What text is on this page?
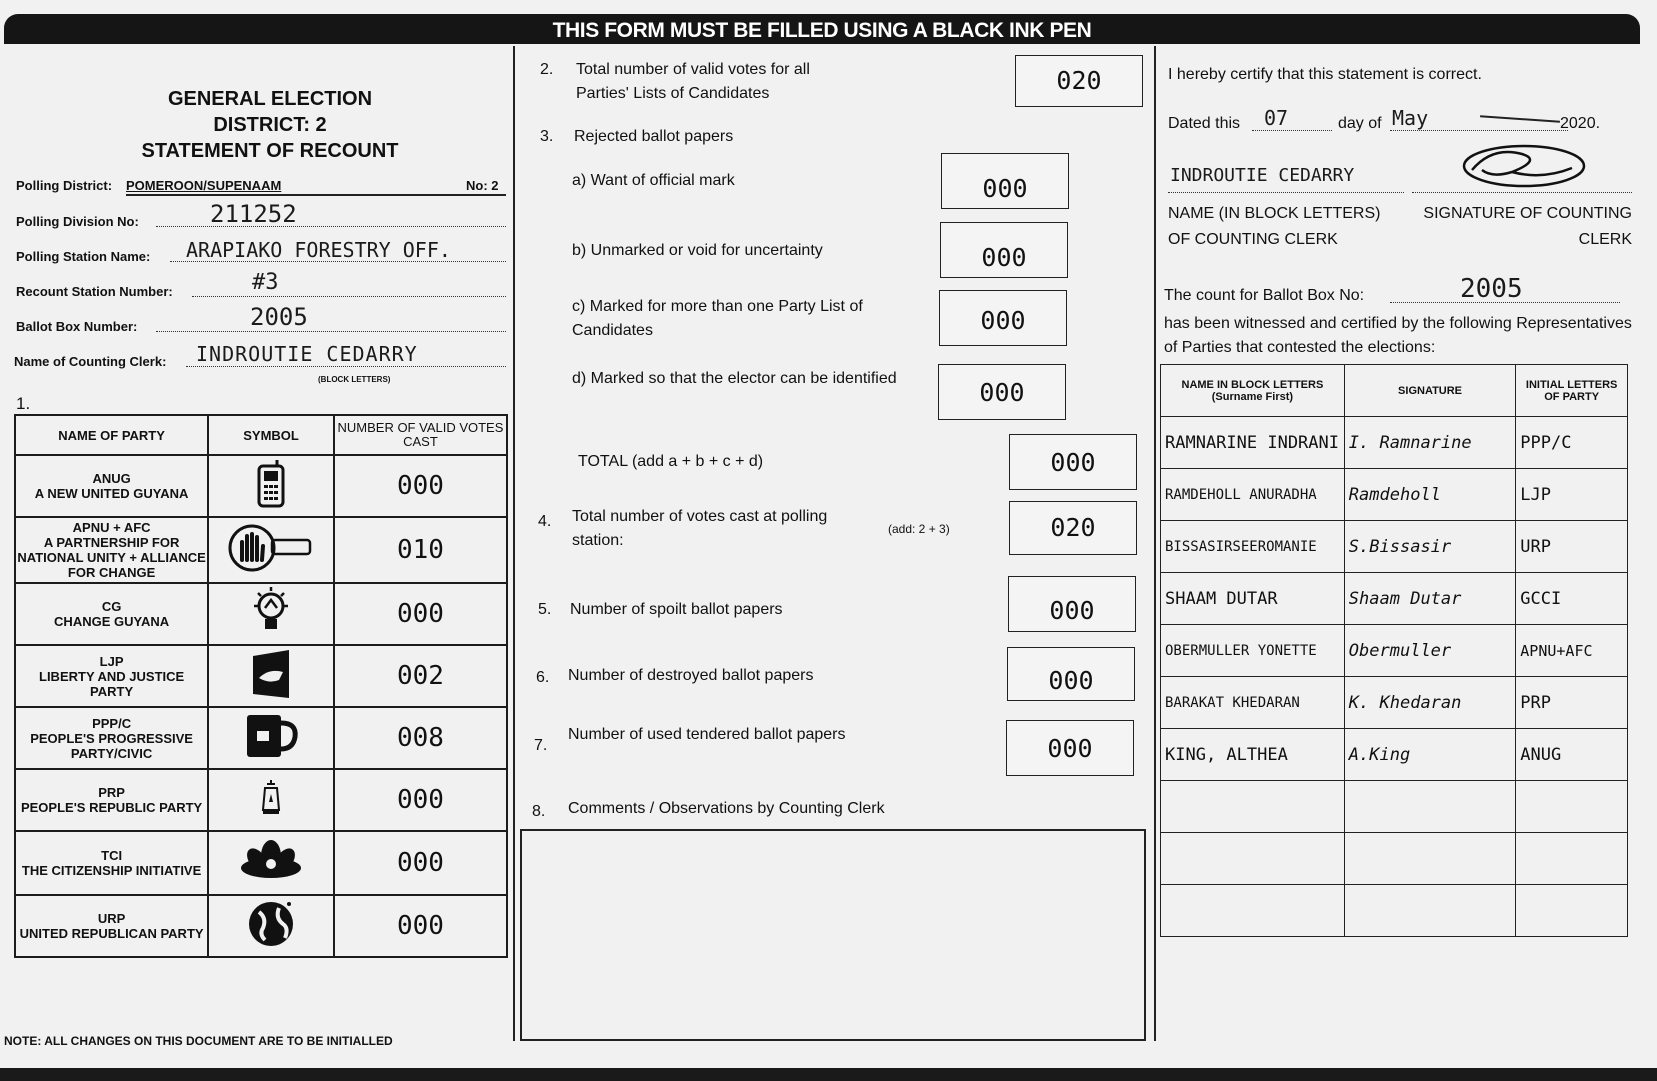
THIS FORM MUST BE FILLED USING A BLACK INK PEN
GENERAL ELECTION
DISTRICT: 2
STATEMENT OF RECOUNT
Polling District: POMEROON/SUPENAAM	No: 2
Polling Division No:	211252
Polling Station Name: ARAPIAKO FORESTRY OFF.
Recount Station Number:	#3
Ballot Box Number:	2005
Name of Counting Clerk: INDROUTIE CEDARRY
(BLOCK LETTERS)
1.
NAME OF PARTY	SYMBOL	NUMBER OF VALID VOTES CAST

ANUG
A NEW UNITED GUYANA		000

APNU + AFC
A PARTNERSHIP FOR NATIONAL UNITY + ALLIANCE FOR CHANGE		010

CG
CHANGE GUYANA		000

LJP
LIBERTY AND JUSTICE PARTY		002

PPP/C
PEOPLE'S PROGRESSIVE PARTY/CIVIC		008

PRP
PEOPLE'S REPUBLIC PARTY		000

TCI
THE CITIZENSHIP INITIATIVE		000

URP
UNITED REPUBLICAN PARTY		000
NOTE: ALL CHANGES ON THIS DOCUMENT ARE TO BE INITIALLED
2. Total number of valid votes for all Parties' Lists of Candidates	020
3. Rejected ballot papers
a) Want of official mark	000
b) Unmarked or void for uncertainty	000
c) Marked for more than one Party List of Candidates	000
d) Marked so that the elector can be identified	000
TOTAL (add a + b + c + d)	000
4. Total number of votes cast at polling station:
(add: 2 + 3)	020
5. Number of spoilt ballot papers	000
6. Number of destroyed ballot papers	000
7.
Number of used tendered ballot papers	000
8. Comments / Observations by Counting Clerk
I hereby certify that this statement is correct.
Dated this 07	day of May	2020.
INDROUTIE CEDARRY
NAME (IN BLOCK LETTERS) OF COUNTING CLERK
SIGNATURE OF COUNTING CLERK
The count for Ballot Box No:	2005
has been witnessed and certified by the following Representatives of Parties that contested the elections:
NAME IN BLOCK LETTERS (Surname First)	SIGNATURE	INITIAL LETTERS OF PARTY
RAMNARINE INDRANI	I. Ramnarine	PPP/C
RAMDEHOLL ANURADHA	Ramdeholl	LJP
BISSASIRSEEROMANIE	S.Bissasir	URP
SHAAM DUTAR	Shaam Dutar	GCCI
OBERMULLER YONETTE	Obermuller	APNU+AFC
BARAKAT KHEDARAN	K. Khedaran	PRP
KING, ALTHEA	A.King	ANUG
